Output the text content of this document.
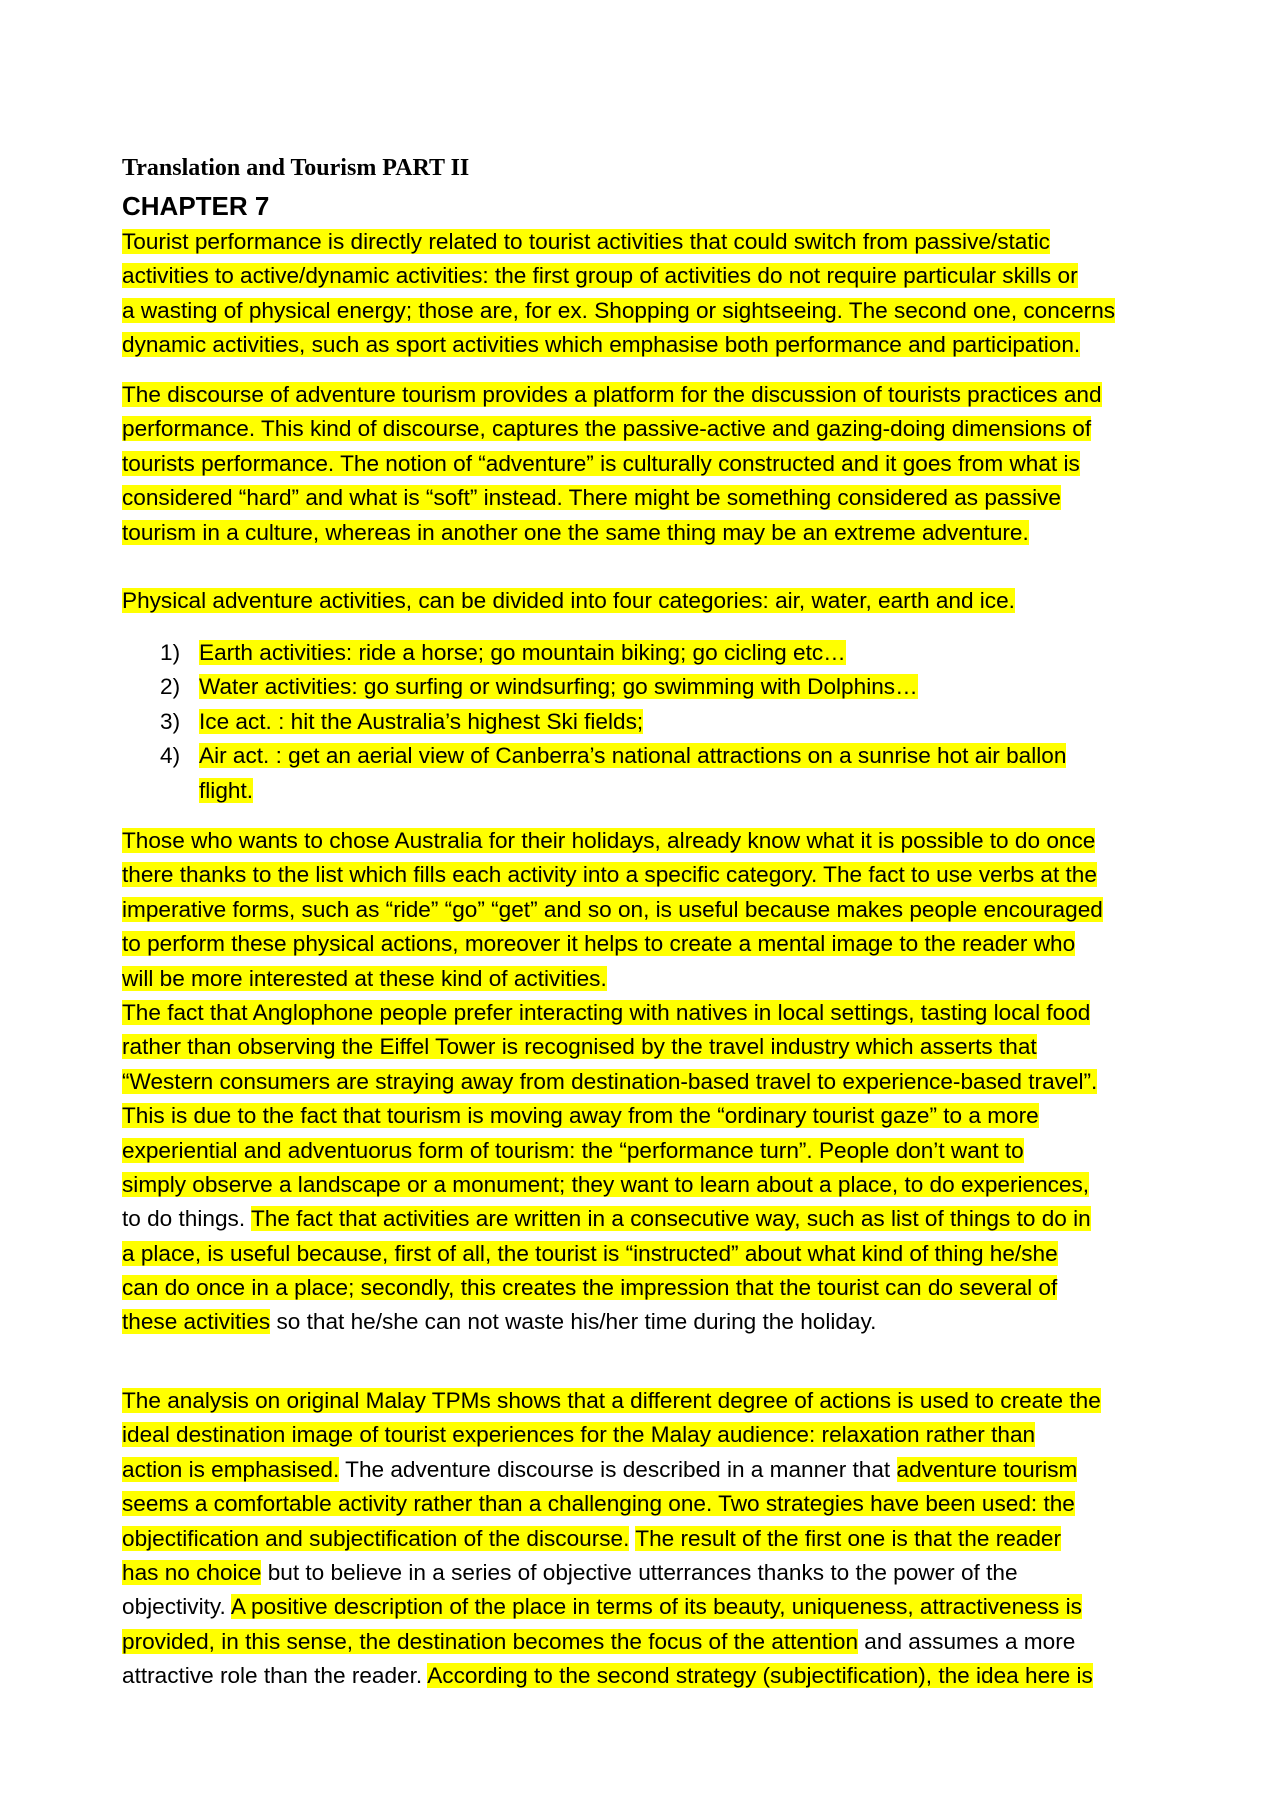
Translation and Tourism PART II
CHAPTER 7
Tourist performance is directly related to tourist activities that could switch from passive/static
activities to active/dynamic activities: the first group of activities do not require particular skills or
a wasting of physical energy; those are, for ex. Shopping or sightseeing. The second one, concerns
dynamic activities, such as sport activities which emphasise both performance and participation.
The discourse of adventure tourism provides a platform for the discussion of tourists practices and
performance. This kind of discourse, captures the passive-active and gazing-doing dimensions of
tourists performance. The notion of “adventure” is culturally constructed and it goes from what is
considered “hard” and what is “soft” instead. There might be something considered as passive
tourism in a culture, whereas in another one the same thing may be an extreme adventure.
Physical adventure activities, can be divided into four categories: air, water, earth and ice.
1) Earth activities: ride a horse; go mountain biking; go cicling etc…
2) Water activities: go surfing or windsurfing; go swimming with Dolphins…
3) Ice act. : hit the Australia’s highest Ski fields;
4) Air act. : get an aerial view of Canberra’s national attractions on a sunrise hot air ballon
flight.
Those who wants to chose Australia for their holidays, already know what it is possible to do once
there thanks to the list which fills each activity into a specific category. The fact to use verbs at the
imperative forms, such as “ride” “go” “get” and so on, is useful because makes people encouraged
to perform these physical actions, moreover it helps to create a mental image to the reader who
will be more interested at these kind of activities.
The fact that Anglophone people prefer interacting with natives in local settings, tasting local food
rather than observing the Eiffel Tower is recognised by the travel industry which asserts that
“Western consumers are straying away from destination-based travel to experience-based travel”.
This is due to the fact that tourism is moving away from the “ordinary tourist gaze” to a more
experiential and adventuorus form of tourism: the “performance turn”. People don’t want to
simply observe a landscape or a monument; they want to learn about a place, to do experiences,
to do things. The fact that activities are written in a consecutive way, such as list of things to do in
a place, is useful because, first of all, the tourist is “instructed” about what kind of thing he/she
can do once in a place; secondly, this creates the impression that the tourist can do several of
these activities so that he/she can not waste his/her time during the holiday.
The analysis on original Malay TPMs shows that a different degree of actions is used to create the
ideal destination image of tourist experiences for the Malay audience: relaxation rather than
action is emphasised. The adventure discourse is described in a manner that adventure tourism
seems a comfortable activity rather than a challenging one. Two strategies have been used: the
objectification and subjectification of the discourse. The result of the first one is that the reader
has no choice but to believe in a series of objective utterrances thanks to the power of the
objectivity. A positive description of the place in terms of its beauty, uniqueness, attractiveness is
provided, in this sense, the destination becomes the focus of the attention and assumes a more
attractive role than the reader. According to the second strategy (subjectification), the idea here is
